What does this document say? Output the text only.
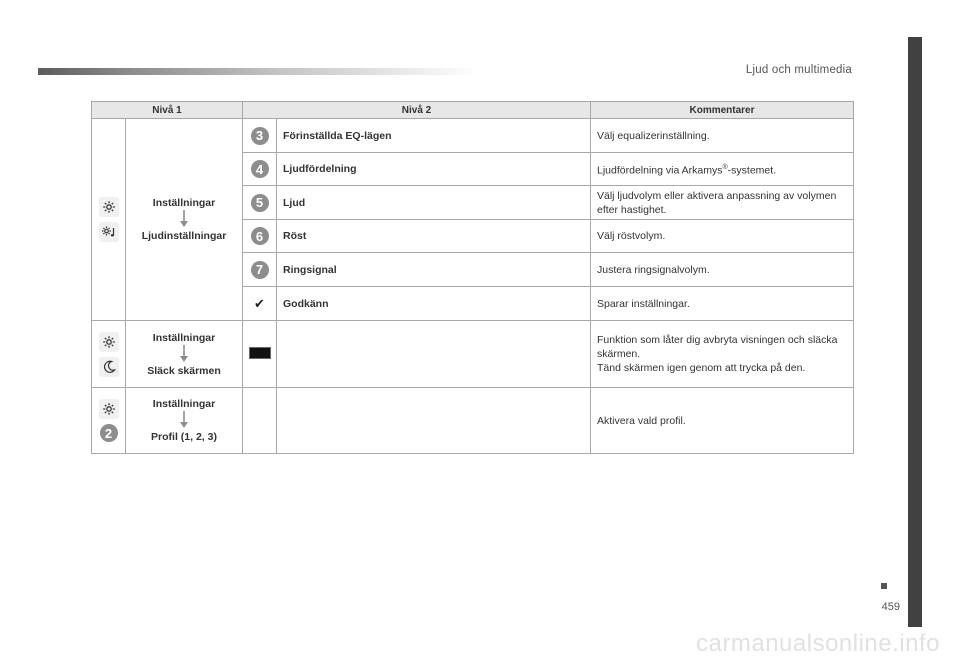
Ljud och multimedia
459
carmanualsonline.info
Nivå 1		Nivå 2		Kommentarer

Inställningar
Ljudinställningar	3	Förinställda EQ-lägen	Välj equalizerinställning.
		4	Ljudfördelning	Ljudfördelning via Arkamys®-systemet.
		5	Ljud	Välj ljudvolym eller aktivera anpassning av volymen efter hastighet.
		6	Röst	Välj röstvolym.
		7	Ringsignal	Justera ringsignalvolym.
		✔	Godkänn	Sparar inställningar.

Inställningar
Släck skärmen			Funktion som låter dig avbryta visningen och släcka skärmen.
Tänd skärmen igen genom att trycka på den.

2	Inställningar
Profil (1, 2, 3)			Aktivera vald profil.
